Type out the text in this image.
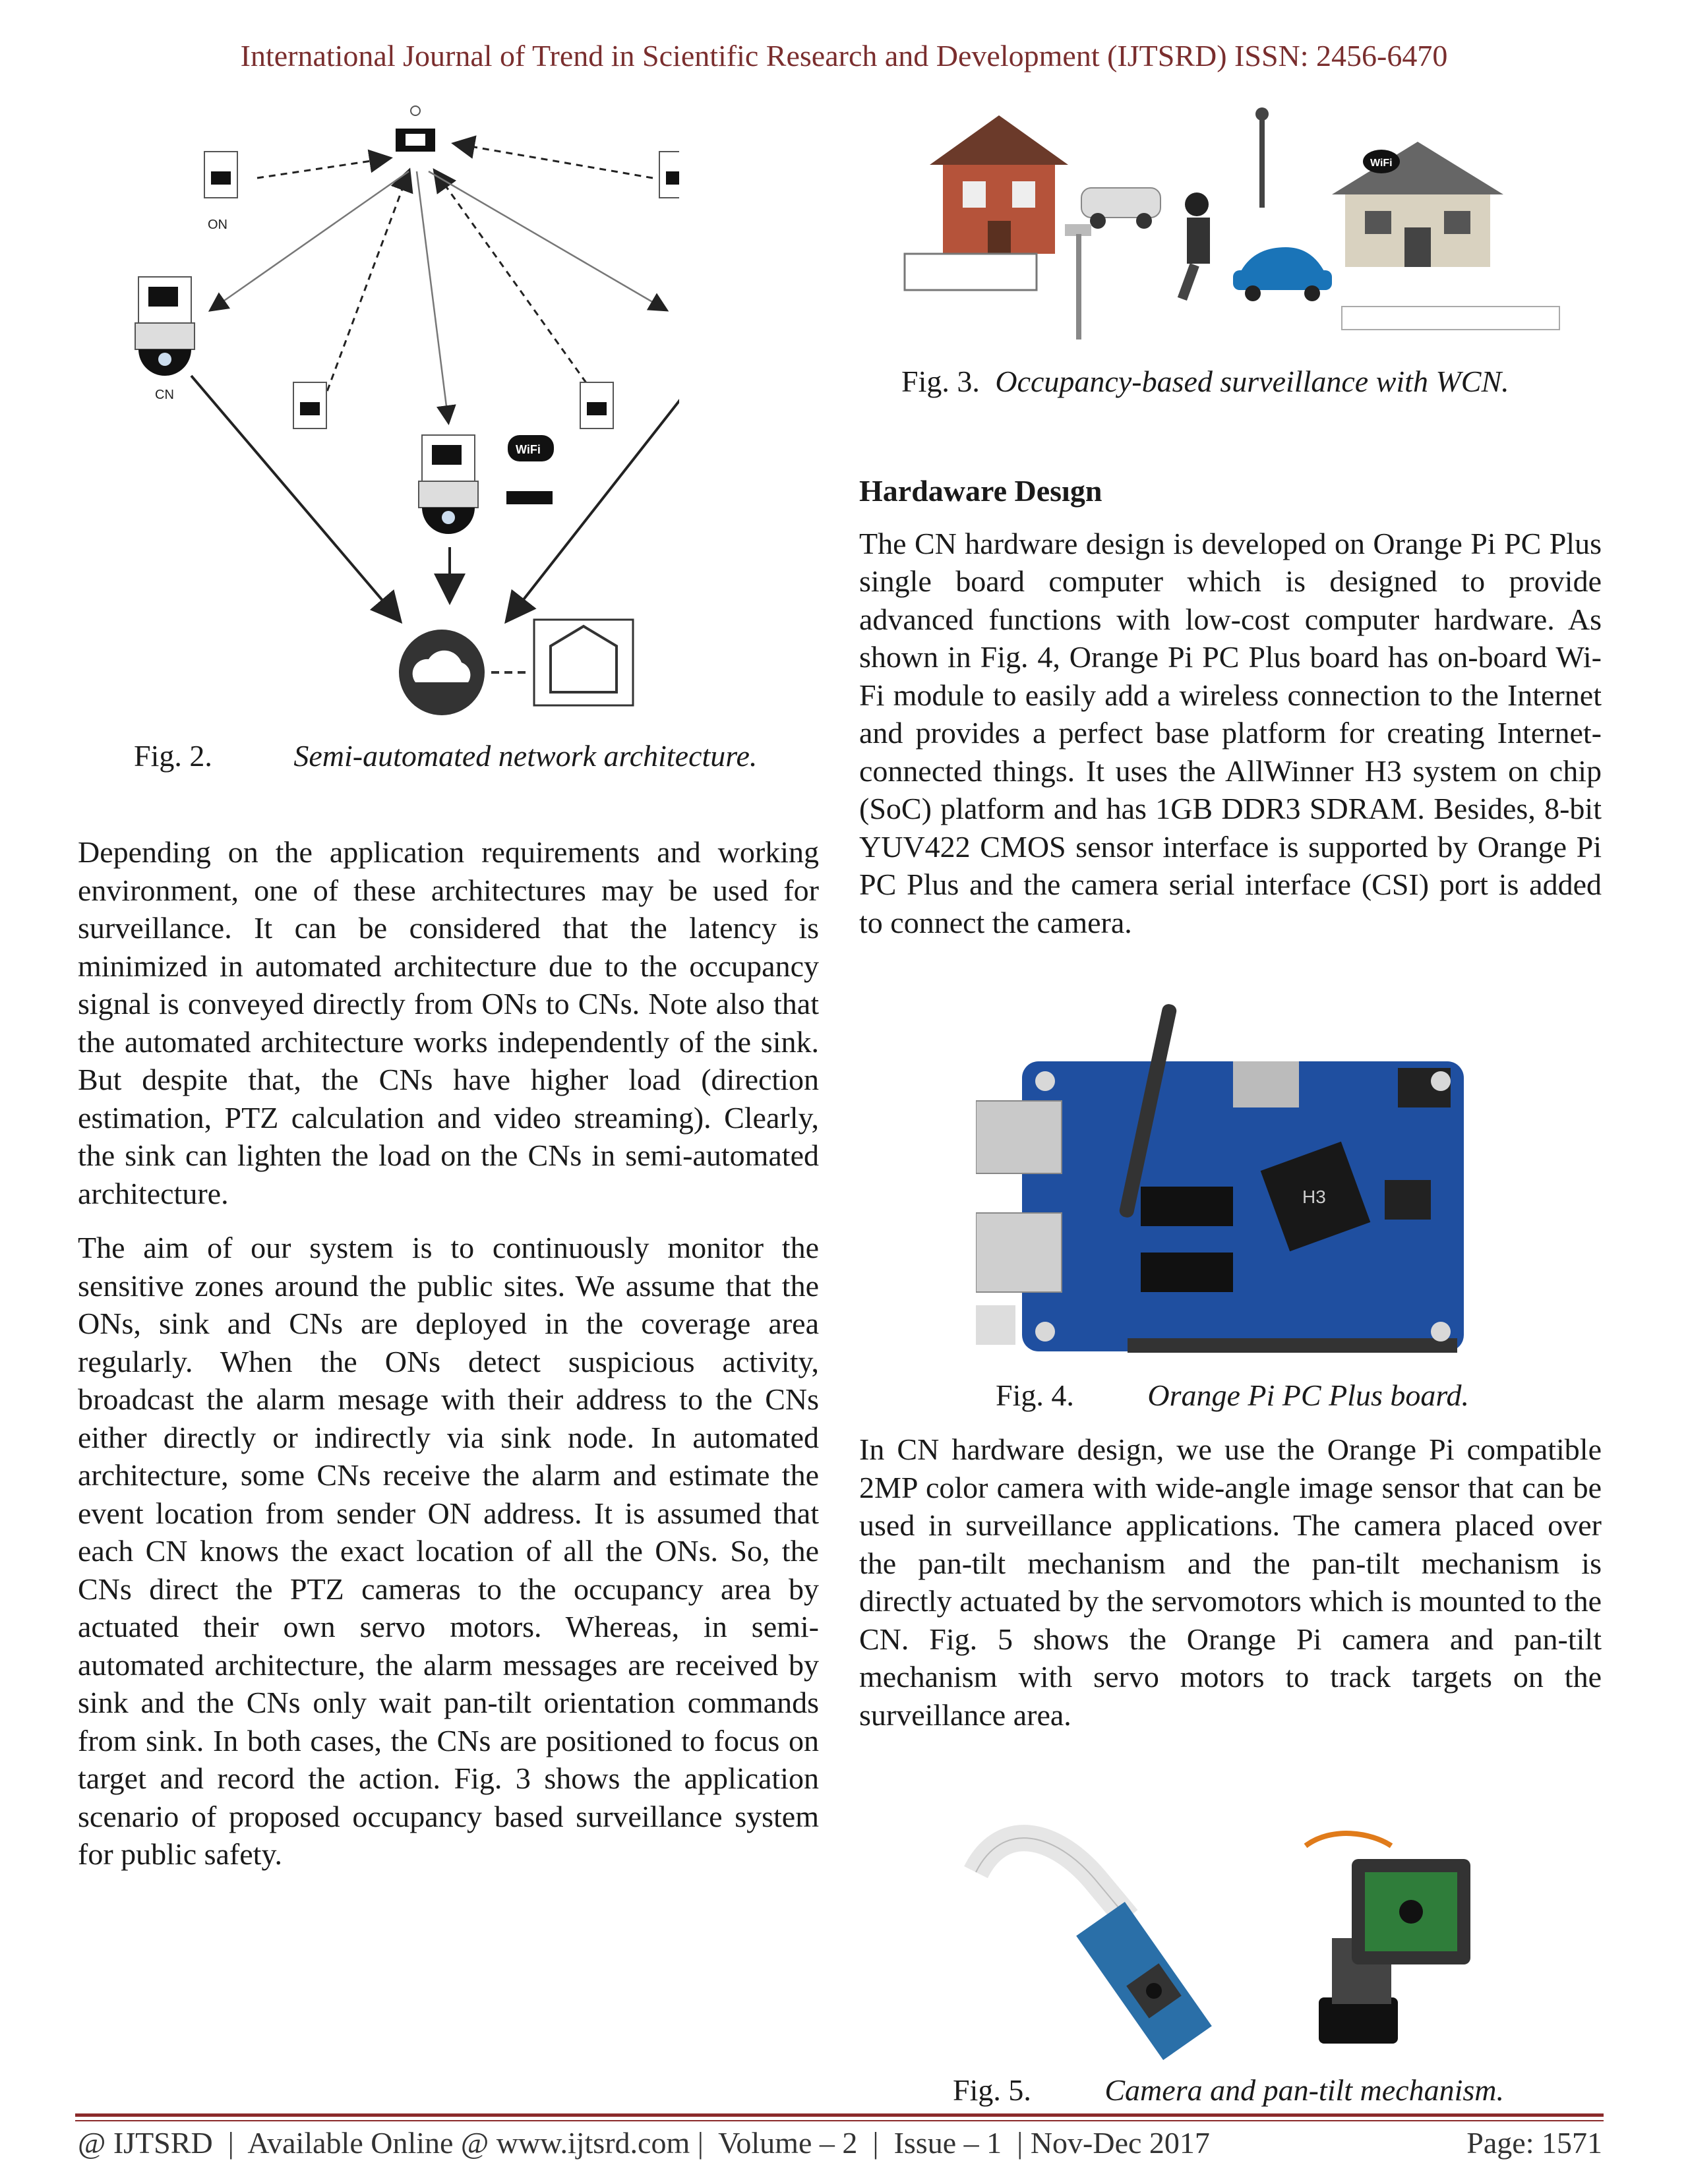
International Journal of Trend in Scientific Research and Development (IJTSRD) ISSN: 2456-6470
ON
CN
WiFi
Fig. 2.	Semi-automated network architecture.
WiFi
Fig. 3. Occupancy-based surveillance with WCN.

Depending on the application requirements and working environment, one of these architectures may be used for surveillance. It can be considered that the latency is minimized in automated architecture due to the occupancy signal is conveyed directly from ONs to CNs. Note also that the automated architecture works independently of the sink. But despite that, the CNs have higher load (direction estimation, PTZ calculation and video streaming). Clearly, the sink can lighten the load on the CNs in semi-automated architecture.

The aim of our system is to continuously monitor the sensitive zones around the public sites. We assume that the ONs, sink and CNs are deployed in the coverage area regularly. When the ONs detect suspicious activity, broadcast the alarm mesage with their address to the CNs either directly or indirectly via sink node. In automated architecture, some CNs receive the alarm and estimate the event location from sender ON address. It is assumed that each CN knows the exact location of all the ONs. So, the CNs direct the PTZ cameras to the occupancy area by actuated their own servo motors. Whereas, in semi-automated architecture, the alarm messages are received by sink and the CNs only wait pan-tilt orientation commands from sink. In both cases, the CNs are positioned to focus on target and record the action. Fig. 3 shows the application scenario of proposed occupancy based surveillance system for public safety.

Hardaware Desıgn

The CN hardware design is developed on Orange Pi PC Plus single board computer which is designed to provide advanced functions with low-cost computer hardware. As shown in Fig. 4, Orange Pi PC Plus board has on-board Wi-Fi module to easily add a wireless connection to the Internet and provides a perfect base platform for creating Internet-connected things. It uses the AllWinner H3 system on chip (SoC) platform and has 1GB DDR3 SDRAM. Besides, 8-bit YUV422 CMOS sensor interface is supported by Orange Pi PC Plus and the camera serial interface (CSI) port is added to connect the camera.

H3
Fig. 4. Orange Pi PC Plus board.

In CN hardware design, we use the Orange Pi compatible 2MP color camera with wide-angle image sensor that can be used in surveillance applications. The camera placed over the pan-tilt mechanism and the pan-tilt mechanism is directly actuated by the servomotors which is mounted to the CN. Fig. 5 shows the Orange Pi camera and pan-tilt mechanism with servo motors to track targets on the surveillance area.

Fig. 5. Camera and pan-tilt mechanism.
@ IJTSRD  |  Available Online @ www.ijtsrd.com |  Volume – 2  |  Issue – 1  | Nov-Dec 2017	Page: 1571
